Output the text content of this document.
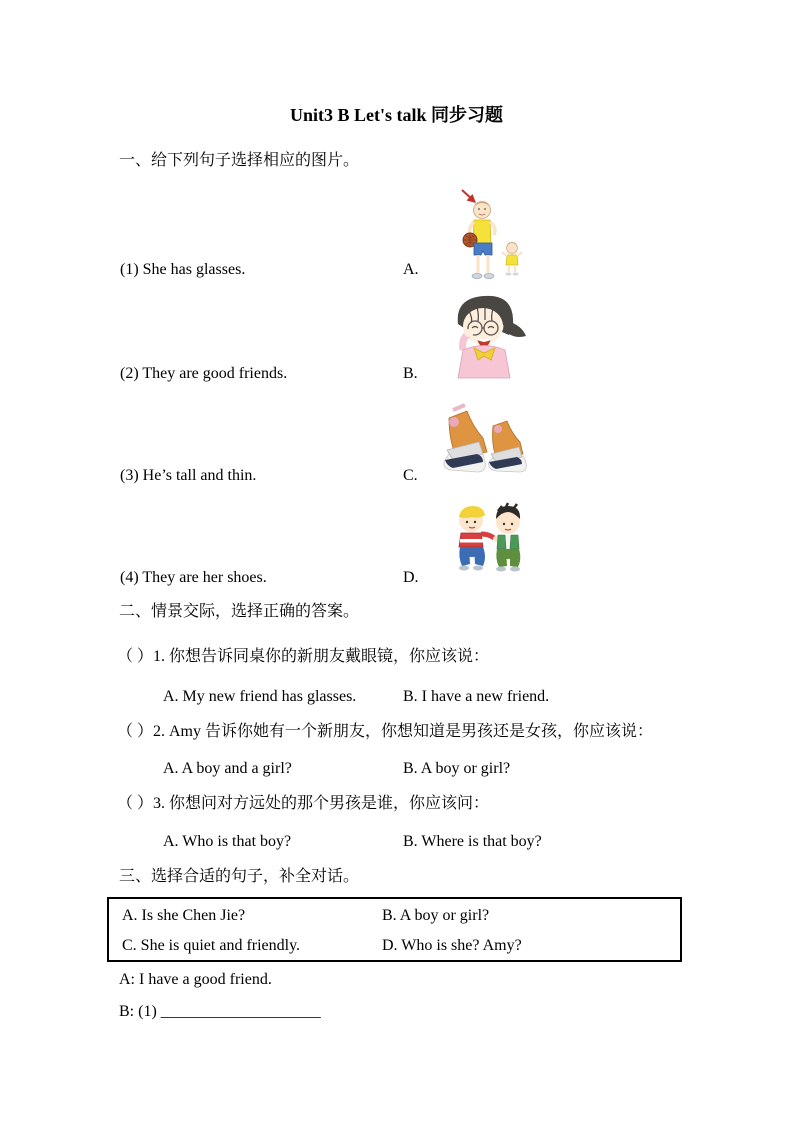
Unit3 B Let's talk 同步习题
一、给下列句子选择相应的图片。
(1) She has glasses.	A.
(2) They are good friends.	B.
(3) He’s tall and thin.	C.
(4) They are her shoes.	D.
二、情景交际，选择正确的答案。
（ ）1. 你想告诉同桌你的新朋友戴眼镜，你应该说：
A. My new friend has glasses.	B. I have a new friend.
（ ）2. Amy 告诉你她有一个新朋友，你想知道是男孩还是女孩，你应该说：
A. A boy and a girl?	B. A boy or girl?
（ ）3. 你想问对方远处的那个男孩是谁，你应该问：
A. Who is that boy?	B. Where is that boy?
三、选择合适的句子，补全对话。
A. Is she Chen Jie?	B. A boy or girl?
C. She is quiet and friendly.	D. Who is she? Amy?
A: I have a good friend.
B: (1) ____________________
